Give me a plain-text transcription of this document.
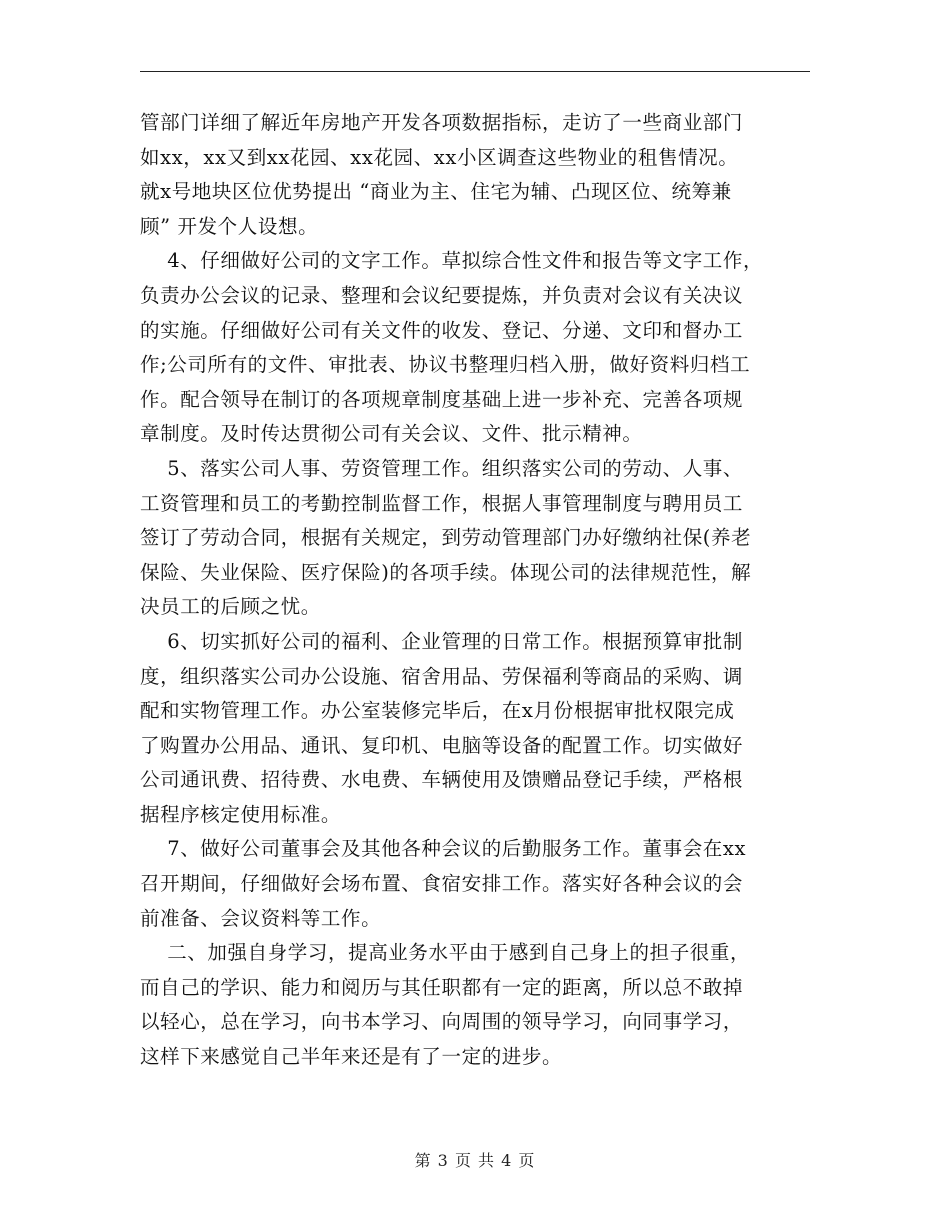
管部门详细了解近年房地产开发各项数据指标，走访了一些商业部门
如xx，xx又到xx花园、xx花园、xx小区调查这些物业的租售情况。
就x号地块区位优势提出 “商业为主、住宅为辅、凸现区位、统筹兼
顾” 开发个人设想。
4、仔细做好公司的文字工作。草拟综合性文件和报告等文字工作，
负责办公会议的记录、整理和会议纪要提炼，并负责对会议有关决议
的实施。仔细做好公司有关文件的收发、登记、分递、文印和督办工
作;公司所有的文件、审批表、协议书整理归档入册，做好资料归档工
作。配合领导在制订的各项规章制度基础上进一步补充、完善各项规
章制度。及时传达贯彻公司有关会议、文件、批示精神。
5、落实公司人事、劳资管理工作。组织落实公司的劳动、人事、
工资管理和员工的考勤控制监督工作，根据人事管理制度与聘用员工
签订了劳动合同，根据有关规定，到劳动管理部门办好缴纳社保(养老
保险、失业保险、医疗保险)的各项手续。体现公司的法律规范性，解
决员工的后顾之忧。
6、切实抓好公司的福利、企业管理的日常工作。根据预算审批制
度，组织落实公司办公设施、宿舍用品、劳保福利等商品的采购、调
配和实物管理工作。办公室装修完毕后，在x月份根据审批权限完成
了购置办公用品、通讯、复印机、电脑等设备的配置工作。切实做好
公司通讯费、招待费、水电费、车辆使用及馈赠品登记手续，严格根
据程序核定使用标准。
7、做好公司董事会及其他各种会议的后勤服务工作。董事会在xx
召开期间，仔细做好会场布置、食宿安排工作。落实好各种会议的会
前准备、会议资料等工作。
二、加强自身学习，提高业务水平由于感到自己身上的担子很重，
而自己的学识、能力和阅历与其任职都有一定的距离，所以总不敢掉
以轻心，总在学习，向书本学习、向周围的领导学习，向同事学习，
这样下来感觉自己半年来还是有了一定的进步。
第 3 页 共 4 页
